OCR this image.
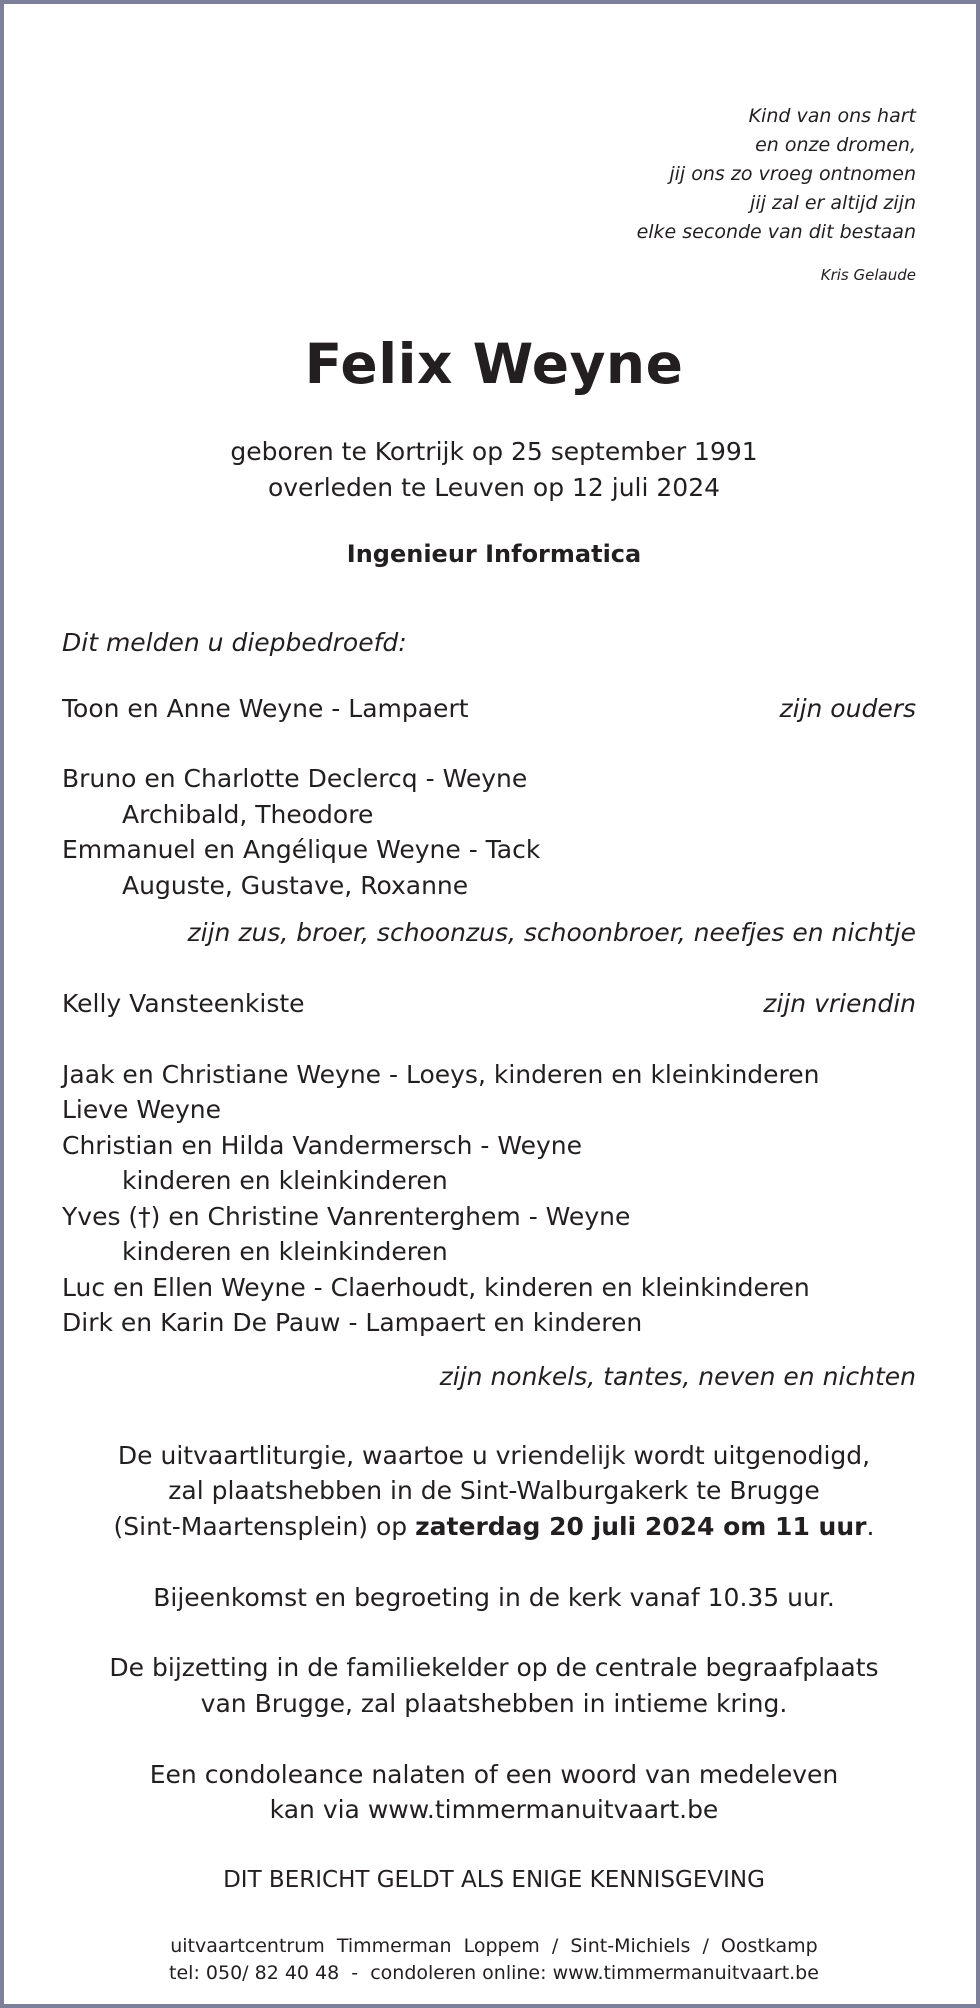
Kind van ons hart
en onze dromen,
jij ons zo vroeg ontnomen
jij zal er altijd zijn
elke seconde van dit bestaan
Kris Gelaude
Felix Weyne
geboren te Kortrijk op 25 september 1991
overleden te Leuven op 12 juli 2024
Ingenieur Informatica
Dit melden u diepbedroefd:
Toon en Anne Weyne - Lampaert	zijn ouders
Bruno en Charlotte Declercq - Weyne
Archibald, Theodore
Emmanuel en Angélique Weyne - Tack
Auguste, Gustave, Roxanne
zijn zus, broer, schoonzus, schoonbroer, neefjes en nichtje
Kelly Vansteenkiste	zijn vriendin
Jaak en Christiane Weyne - Loeys, kinderen en kleinkinderen
Lieve Weyne
Christian en Hilda Vandermersch - Weyne
kinderen en kleinkinderen
Yves (†) en Christine Vanrenterghem - Weyne
kinderen en kleinkinderen
Luc en Ellen Weyne - Claerhoudt, kinderen en kleinkinderen
Dirk en Karin De Pauw - Lampaert en kinderen
zijn nonkels, tantes, neven en nichten
De uitvaartliturgie, waartoe u vriendelijk wordt uitgenodigd,
zal plaatshebben in de Sint-Walburgakerk te Brugge
(Sint-Maartensplein) op zaterdag 20 juli 2024 om 11 uur.
Bijeenkomst en begroeting in de kerk vanaf 10.35 uur.
De bijzetting in de familiekelder op de centrale begraafplaats
van Brugge, zal plaatshebben in intieme kring.
Een condoleance nalaten of een woord van medeleven
kan via www.timmermanuitvaart.be
DIT BERICHT GELDT ALS ENIGE KENNISGEVING
uitvaartcentrum  Timmerman  Loppem  /  Sint-Michiels  /  Oostkamp
tel: 050/ 82 40 48  -  condoleren online: www.timmermanuitvaart.be
